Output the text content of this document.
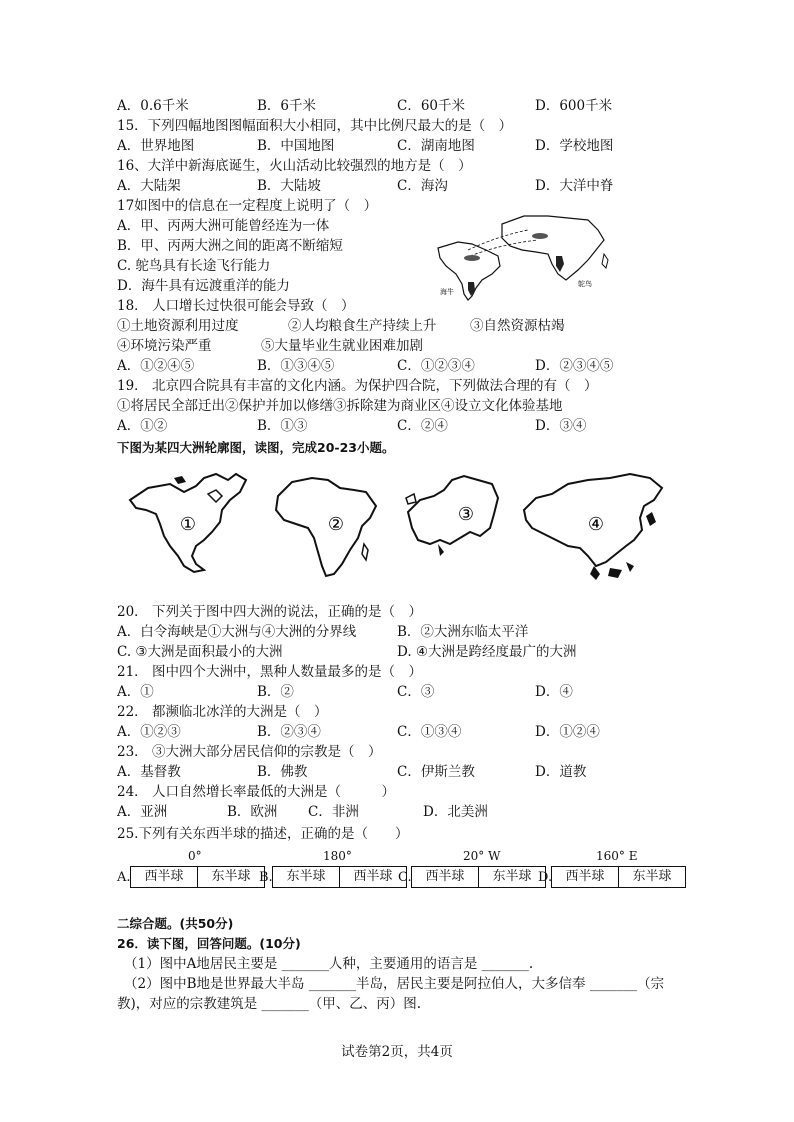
A．0.6千米	B．6千米	C．60千米	D．600千米
15．下列四幅地图图幅面积大小相同，其中比例尺最大的是（　）
A．世界地图	B．中国地图	C．湖南地图	D．学校地图
16、大洋中新海底诞生，火山活动比较强烈的地方是（　）
A．大陆架	B．大陆坡	C．海沟	D．大洋中脊
17如图中的信息在一定程度上说明了（　）
A．甲、丙两大洲可能曾经连为一体
B．甲、丙两大洲之间的距离不断缩短
C. 鸵鸟具有长途飞行能力
D．海牛具有远渡重洋的能力	海牛
鸵鸟
18． 人口增长过快很可能会导致（　）
①土地资源利用过度	②人均粮食生产持续上升 ③自然资源枯竭
④环境污染严重	⑤大量毕业生就业困难加剧
A．①②④⑤	B．①③④⑤	C．①②③④	D．②③④⑤
19． 北京四合院具有丰富的文化内涵。为保护四合院，下列做法合理的有（　）
①将居民全部迁出②保护并加以修缮③拆除建为商业区④设立文化体验基地
A．①②	B．①③	C．②④	D．③④
下图为某四大洲轮廓图，读图，完成20-23小题。
①	②	③	④
20． 下列关于图中四大洲的说法，正确的是（　）
A．白令海峡是①大洲与④大洲的分界线	B．②大洲东临太平洋
C. ③大洲是面积最小的大洲	D. ④大洲是跨经度最广的大洲
21． 图中四个大洲中，黑种人数量最多的是（　）
A．①	B．②	C．③	D．④
22． 都濒临北冰洋的大洲是（　）
A．①②③	B．②③④	C．①③④	D．①②④
23． ③大洲大部分居民信仰的宗教是（　）
A．基督教	B．佛教	C．伊斯兰教	D．道教
24． 人口自然增长率最低的大洲是（　　　）
A．亚洲	B．欧洲 C．非洲	D．北美洲
25.下列有关东西半球的描述，正确的是（　　）
0°	180°	20° W	160° E
A.	西半球	东半球 B.	东半球	西半球 C.	西半球	东半球 D.	西半球	东半球
二综合题。(共50分)
26．读下图，回答问题。(10分)
（1）图中A地居民主要是 _______人种，主要通用的语言是 _______.
（2）图中B地是世界最大半岛 _______半岛，居民主要是阿拉伯人，大多信奉 _______（宗
教)，对应的宗教建筑是 _______（甲、乙、丙）图.
试卷第2页，共4页
